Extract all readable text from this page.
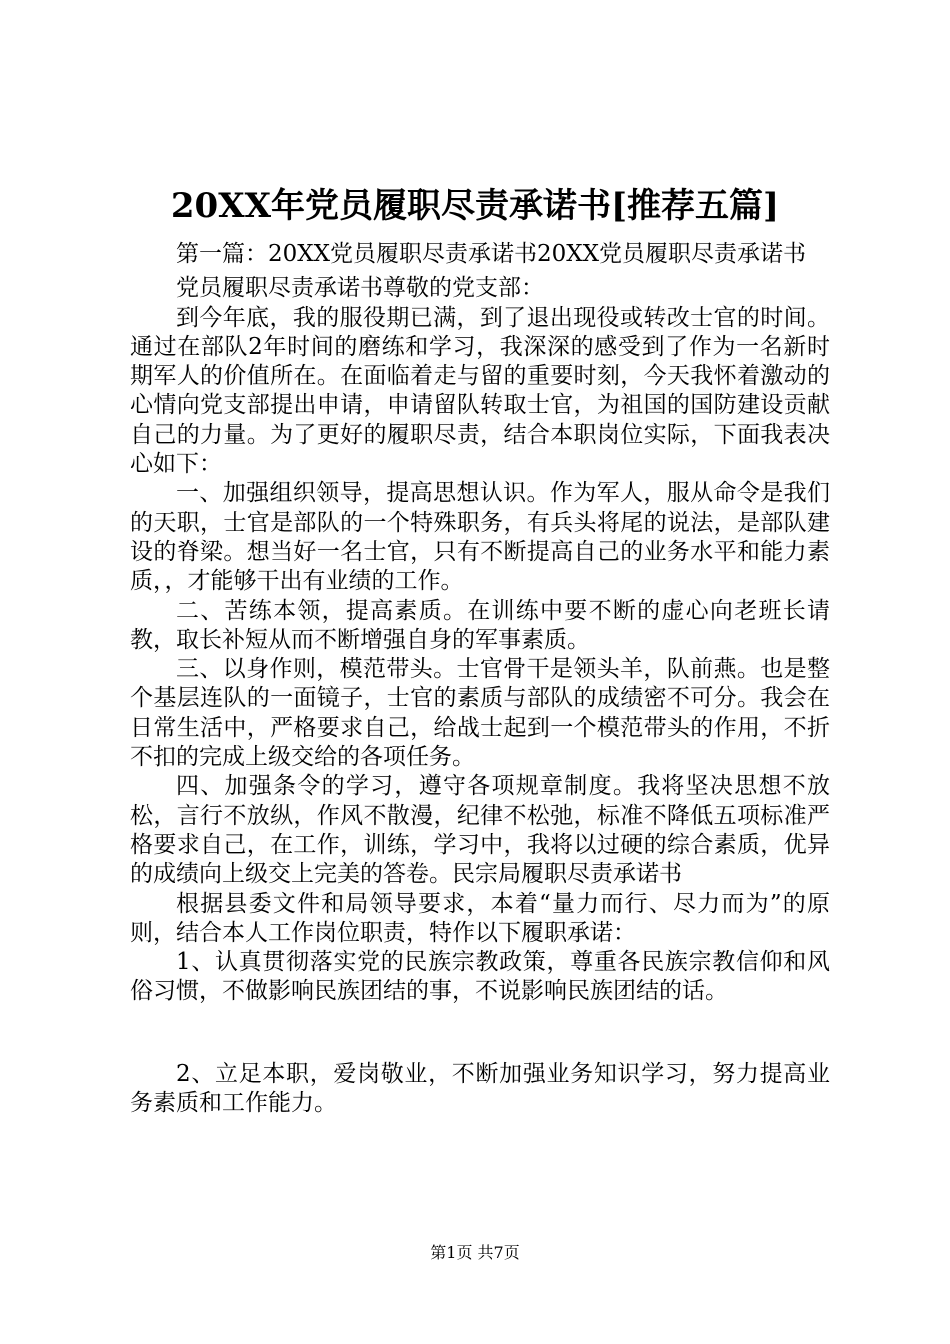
20XX年党员履职尽责承诺书[推荐五篇]

第一篇：20XX党员履职尽责承诺书20XX党员履职尽责承诺书

党员履职尽责承诺书尊敬的党支部：

到今年底，我的服役期已满，到了退出现役或转改士官的时间。通过在部队2年时间的磨练和学习，我深深的感受到了作为一名新时期军人的价值所在。在面临着走与留的重要时刻，今天我怀着激动的心情向党支部提出申请，申请留队转取士官，为祖国的国防建设贡献自己的力量。为了更好的履职尽责，结合本职岗位实际，下面我表决心如下：

一、加强组织领导，提高思想认识。作为军人，服从命令是我们的天职，士官是部队的一个特殊职务，有兵头将尾的说法，是部队建设的脊梁。想当好一名士官，只有不断提高自己的业务水平和能力素质，，才能够干出有业绩的工作。

二、苦练本领，提高素质。在训练中要不断的虚心向老班长请教，取长补短从而不断增强自身的军事素质。

三、以身作则，模范带头。士官骨干是领头羊，队前燕。也是整个基层连队的一面镜子，士官的素质与部队的成绩密不可分。我会在日常生活中，严格要求自己，给战士起到一个模范带头的作用，不折不扣的完成上级交给的各项任务。

四、加强条令的学习，遵守各项规章制度。我将坚决思想不放松，言行不放纵，作风不散漫，纪律不松弛，标准不降低五项标准严格要求自己，在工作，训练，学习中，我将以过硬的综合素质，优异的成绩向上级交上完美的答卷。民宗局履职尽责承诺书

根据县委文件和局领导要求，本着“量力而行、尽力而为”的原则，结合本人工作岗位职责，特作以下履职承诺：

1、认真贯彻落实党的民族宗教政策，尊重各民族宗教信仰和风俗习惯，不做影响民族团结的事，不说影响民族团结的话。

2、立足本职，爱岗敬业，不断加强业务知识学习，努力提高业务素质和工作能力。

第1页 共7页
